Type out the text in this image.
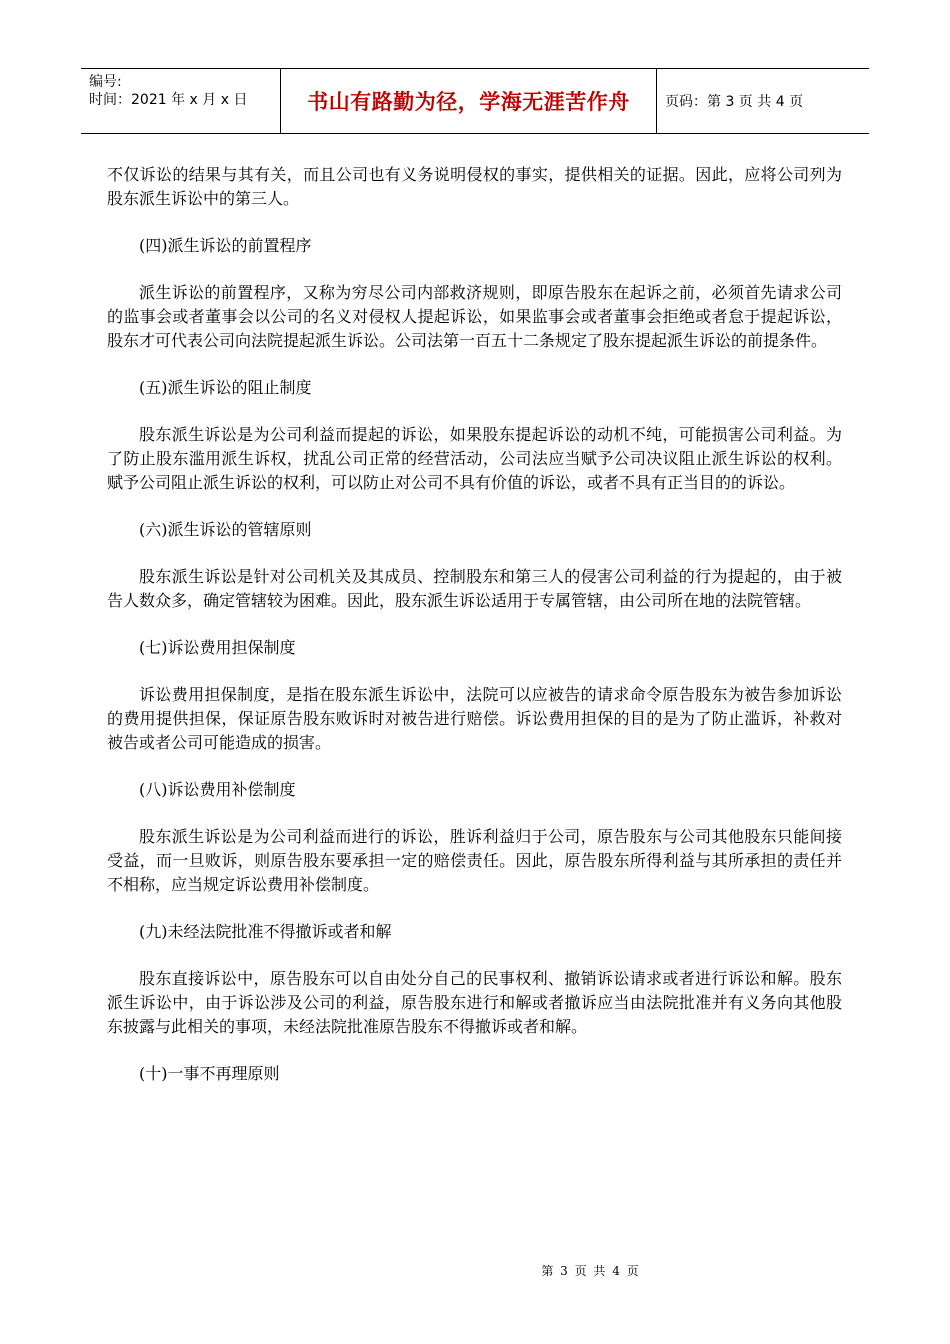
编号:
时间：2021 年 x 月 x 日	书山有路勤为径，学海无涯苦作舟	页码：第 3 页 共 4 页

不仅诉讼的结果与其有关，而且公司也有义务说明侵权的事实，提供相关的证据。因此，应将公司列为股东派生诉讼中的第三人。

(四)派生诉讼的前置程序

派生诉讼的前置程序，又称为穷尽公司内部救济规则，即原告股东在起诉之前，必须首先请求公司的监事会或者董事会以公司的名义对侵权人提起诉讼，如果监事会或者董事会拒绝或者怠于提起诉讼，股东才可代表公司向法院提起派生诉讼。公司法第一百五十二条规定了股东提起派生诉讼的前提条件。

(五)派生诉讼的阻止制度

股东派生诉讼是为公司利益而提起的诉讼，如果股东提起诉讼的动机不纯，可能损害公司利益。为了防止股东滥用派生诉权，扰乱公司正常的经营活动，公司法应当赋予公司决议阻止派生诉讼的权利。赋予公司阻止派生诉讼的权利，可以防止对公司不具有价值的诉讼，或者不具有正当目的的诉讼。

(六)派生诉讼的管辖原则

股东派生诉讼是针对公司机关及其成员、控制股东和第三人的侵害公司利益的行为提起的，由于被告人数众多，确定管辖较为困难。因此，股东派生诉讼适用于专属管辖，由公司所在地的法院管辖。

(七)诉讼费用担保制度

诉讼费用担保制度，是指在股东派生诉讼中，法院可以应被告的请求命令原告股东为被告参加诉讼的费用提供担保，保证原告股东败诉时对被告进行赔偿。诉讼费用担保的目的是为了防止滥诉，补救对被告或者公司可能造成的损害。

(八)诉讼费用补偿制度

股东派生诉讼是为公司利益而进行的诉讼，胜诉利益归于公司，原告股东与公司其他股东只能间接受益，而一旦败诉，则原告股东要承担一定的赔偿责任。因此，原告股东所得利益与其所承担的责任并不相称，应当规定诉讼费用补偿制度。

(九)未经法院批准不得撤诉或者和解

股东直接诉讼中，原告股东可以自由处分自己的民事权利、撤销诉讼请求或者进行诉讼和解。股东派生诉讼中，由于诉讼涉及公司的利益，原告股东进行和解或者撤诉应当由法院批准并有义务向其他股东披露与此相关的事项，未经法院批准原告股东不得撤诉或者和解。

(十)一事不再理原则

第 3 页 共 4 页
